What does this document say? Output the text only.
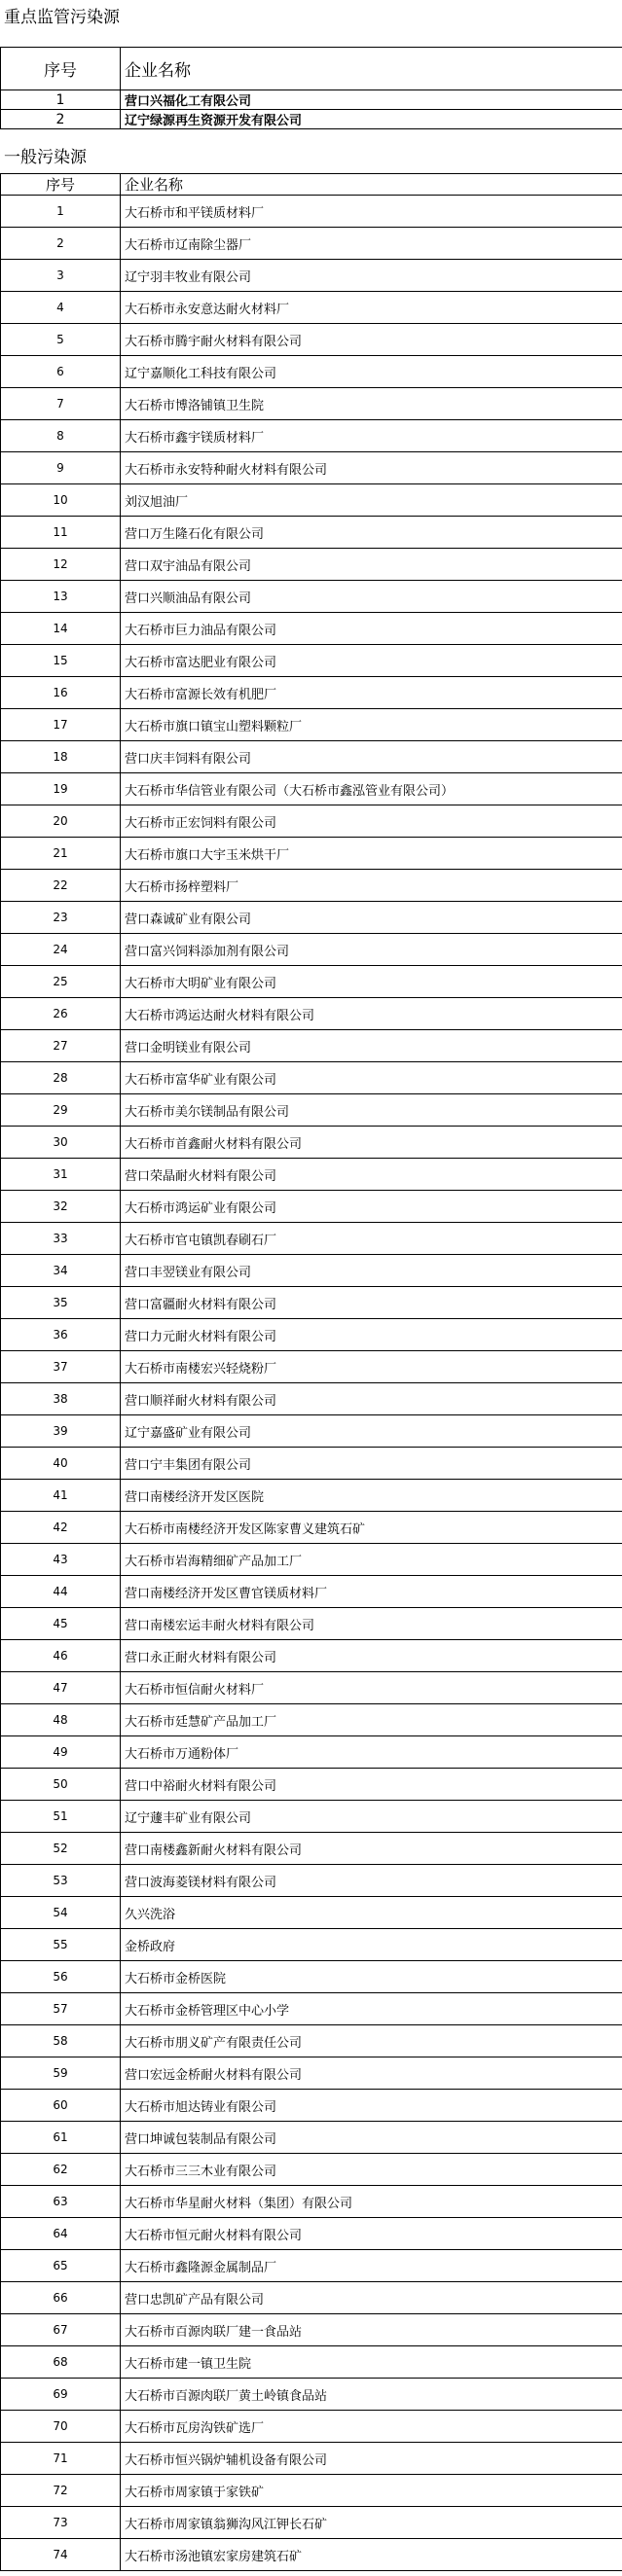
重点监管污染源
序号	企业名称
1	营口兴福化工有限公司
2	辽宁绿源再生资源开发有限公司
一般污染源
序号	企业名称
1	大石桥市和平镁质材料厂
2	大石桥市辽南除尘器厂
3	辽宁羽丰牧业有限公司
4	大石桥市永安意达耐火材料厂
5	大石桥市腾宇耐火材料有限公司
6	辽宁嘉顺化工科技有限公司
7	大石桥市博洛铺镇卫生院
8	大石桥市鑫宇镁质材料厂
9	大石桥市永安特种耐火材料有限公司
10	刘汉旭油厂
11	营口万生隆石化有限公司
12	营口双宇油品有限公司
13	营口兴顺油品有限公司
14	大石桥市巨力油品有限公司
15	大石桥市富达肥业有限公司
16	大石桥市富源长效有机肥厂
17	大石桥市旗口镇宝山塑料颗粒厂
18	营口庆丰饲料有限公司
19	大石桥市华信管业有限公司（大石桥市鑫泓管业有限公司）
20	大石桥市正宏饲料有限公司
21	大石桥市旗口大宇玉米烘干厂
22	大石桥市扬梓塑料厂
23	营口森诚矿业有限公司
24	营口富兴饲料添加剂有限公司
25	大石桥市大明矿业有限公司
26	大石桥市鸿运达耐火材料有限公司
27	营口金明镁业有限公司
28	大石桥市富华矿业有限公司
29	大石桥市美尔镁制品有限公司
30	大石桥市首鑫耐火材料有限公司
31	营口荣晶耐火材料有限公司
32	大石桥市鸿运矿业有限公司
33	大石桥市官屯镇凯春刷石厂
34	营口丰翌镁业有限公司
35	营口富疆耐火材料有限公司
36	营口力元耐火材料有限公司
37	大石桥市南楼宏兴轻烧粉厂
38	营口顺祥耐火材料有限公司
39	辽宁嘉盛矿业有限公司
40	营口宁丰集团有限公司
41	营口南楼经济开发区医院
42	大石桥市南楼经济开发区陈家曹义建筑石矿
43	大石桥市岩海精细矿产品加工厂
44	营口南楼经济开发区曹官镁质材料厂
45	营口南楼宏运丰耐火材料有限公司
46	营口永正耐火材料有限公司
47	大石桥市恒信耐火材料厂
48	大石桥市廷慧矿产品加工厂
49	大石桥市万通粉体厂
50	营口中裕耐火材料有限公司
51	辽宁蘧丰矿业有限公司
52	营口南楼鑫新耐火材料有限公司
53	营口波海菱镁材料有限公司
54	久兴洗浴
55	金桥政府
56	大石桥市金桥医院
57	大石桥市金桥管理区中心小学
58	大石桥市朋义矿产有限责任公司
59	营口宏远金桥耐火材料有限公司
60	大石桥市旭达铸业有限公司
61	营口坤诚包装制品有限公司
62	大石桥市三三木业有限公司
63	大石桥市华星耐火材料（集团）有限公司
64	大石桥市恒元耐火材料有限公司
65	大石桥市鑫隆源金属制品厂
66	营口忠凯矿产品有限公司
67	大石桥市百源肉联厂建一食品站
68	大石桥市建一镇卫生院
69	大石桥市百源肉联厂黄土岭镇食品站
70	大石桥市瓦房沟铁矿选厂
71	大石桥市恒兴锅炉辅机设备有限公司
72	大石桥市周家镇于家铁矿
73	大石桥市周家镇翁狮沟风江钾长石矿
74	大石桥市汤池镇宏家房建筑石矿
